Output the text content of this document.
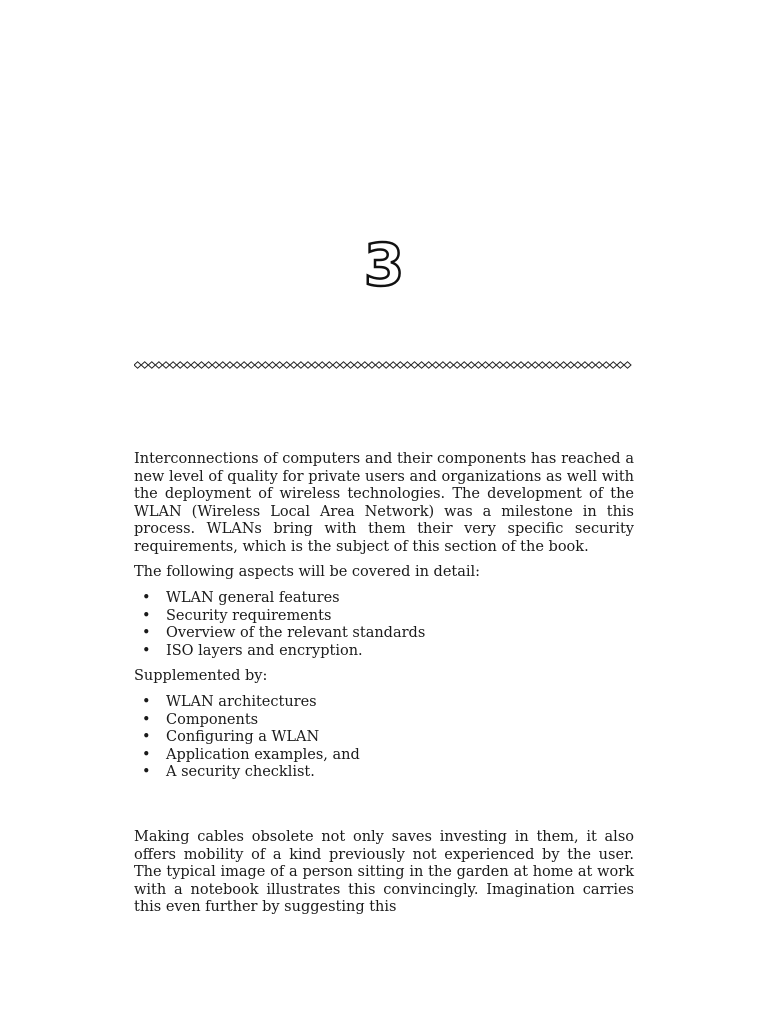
3

Interconnections of computers and their components has reached a new level of quality for private users and organizations as well with the deployment of wireless technologies. The development of the WLAN (Wireless Local Area Network) was a milestone in this process. WLANs bring with them their very specific security requirements, which is the subject of this section of the book.

The following aspects will be covered in detail:

• WLAN general features
• Security requirements
• Overview of the relevant standards
• ISO layers and encryption.

Supplemented by:

• WLAN architectures
• Components
• Configuring a WLAN
• Application examples, and
• A security checklist.

Making cables obsolete not only saves investing in them, it also offers mobility of a kind previously not experienced by the user. The typical image of a person sitting in the garden at home at work with a notebook illustrates this convincingly. Imagination carries this even further by suggesting this
